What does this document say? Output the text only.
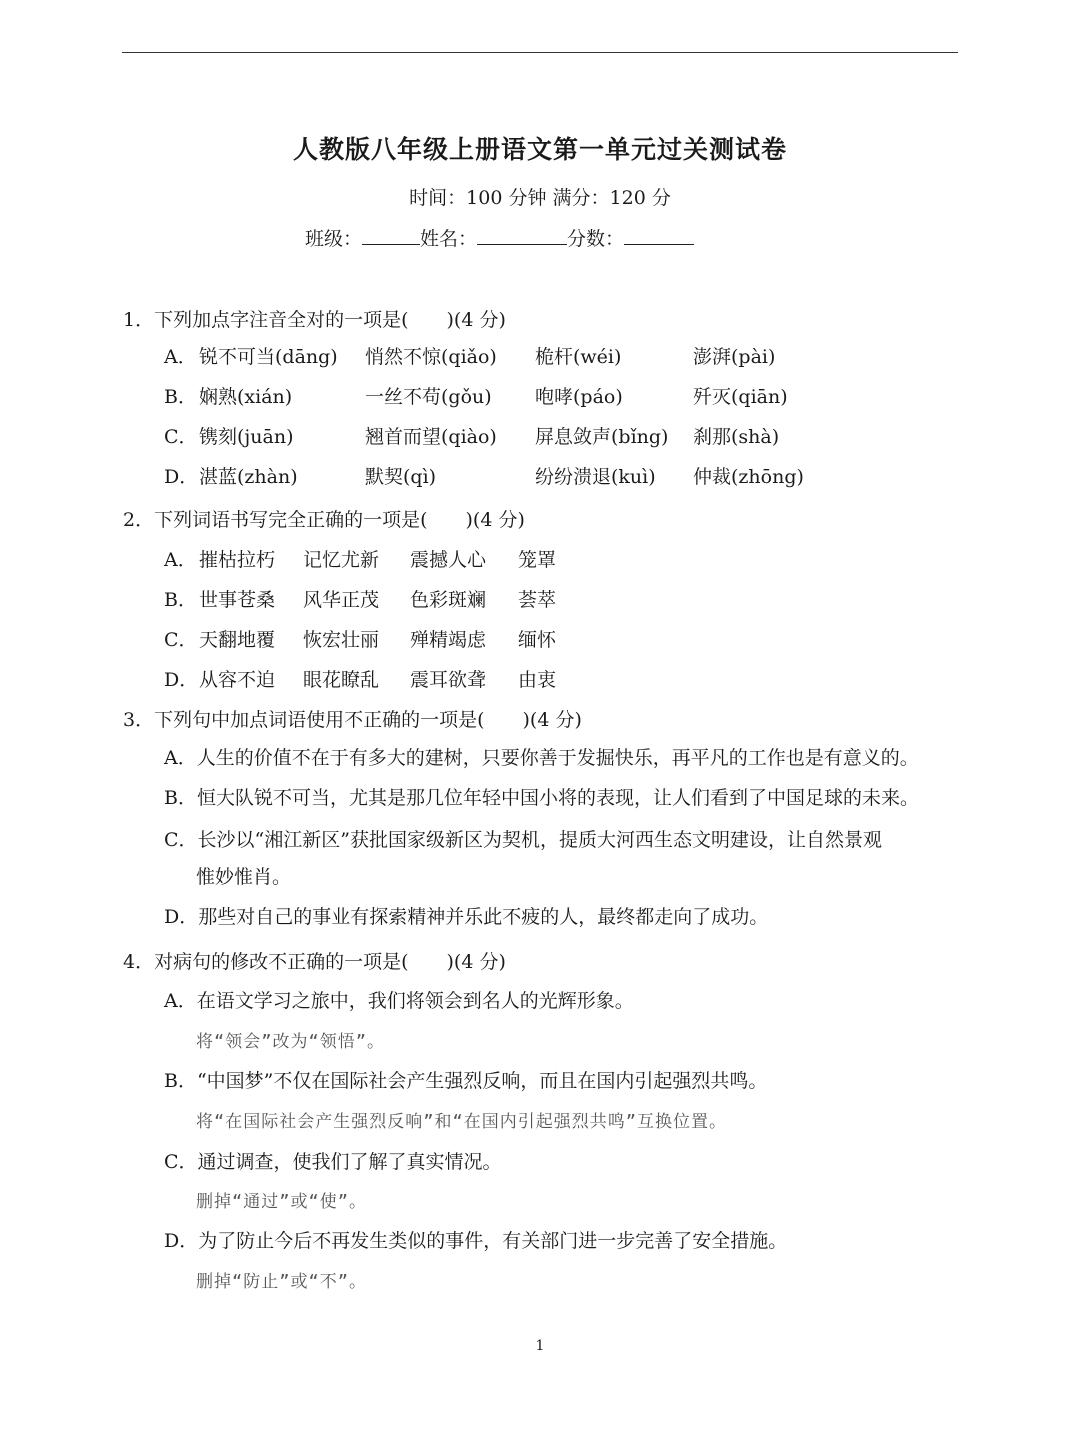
人教版八年级上册语文第一单元过关测试卷
时间：100 分钟 满分：120 分
班级：	姓名：	分数：
1．下列加点字注音全对的一项是( )(4 分)
A． 锐不可当(dāng) 悄然不惊(qiǎo) 桅杆(wéi)	澎湃(pài)
B． 娴熟(xián)	一丝不苟(gǒu) 咆哮(páo)	歼灭(qiān)
C． 镌刻(juān)	翘首而望(qiào) 屏息敛声(bǐng) 刹那(shà)
D． 湛蓝(zhàn)	默契(qì)	纷纷溃退(kuì) 仲裁(zhōng)
2．下列词语书写完全正确的一项是( )(4 分)
A． 摧枯拉朽 记忆尤新 震撼人心 笼罩
B． 世事苍桑 风华正茂 色彩斑斓 荟萃
C． 天翻地覆 恢宏壮丽 殚精竭虑 缅怀
D． 从容不迫 眼花瞭乱 震耳欲聋 由衷
3．下列句中加点词语使用不正确的一项是( )(4 分)
A．人生的价值不在于有多大的建树，只要你善于发掘快乐，再平凡的工作也是有意义的。
B．恒大队锐不可当，尤其是那几位年轻中国小将的表现，让人们看到了中国足球的未来。
C．长沙以“湘江新区”获批国家级新区为契机，提质大河西生态文明建设，让自然景观
惟妙惟肖。
D．那些对自己的事业有探索精神并乐此不疲的人，最终都走向了成功。
4．对病句的修改不正确的一项是( )(4 分)
A．在语文学习之旅中，我们将领会到名人的光辉形象。
将“领会”改为“领悟”。
B．“中国梦”不仅在国际社会产生强烈反响，而且在国内引起强烈共鸣。
将“在国际社会产生强烈反响”和“在国内引起强烈共鸣”互换位置。
C．通过调查，使我们了解了真实情况。
删掉“通过”或“使”。
D．为了防止今后不再发生类似的事件，有关部门进一步完善了安全措施。
删掉“防止”或“不”。
1
